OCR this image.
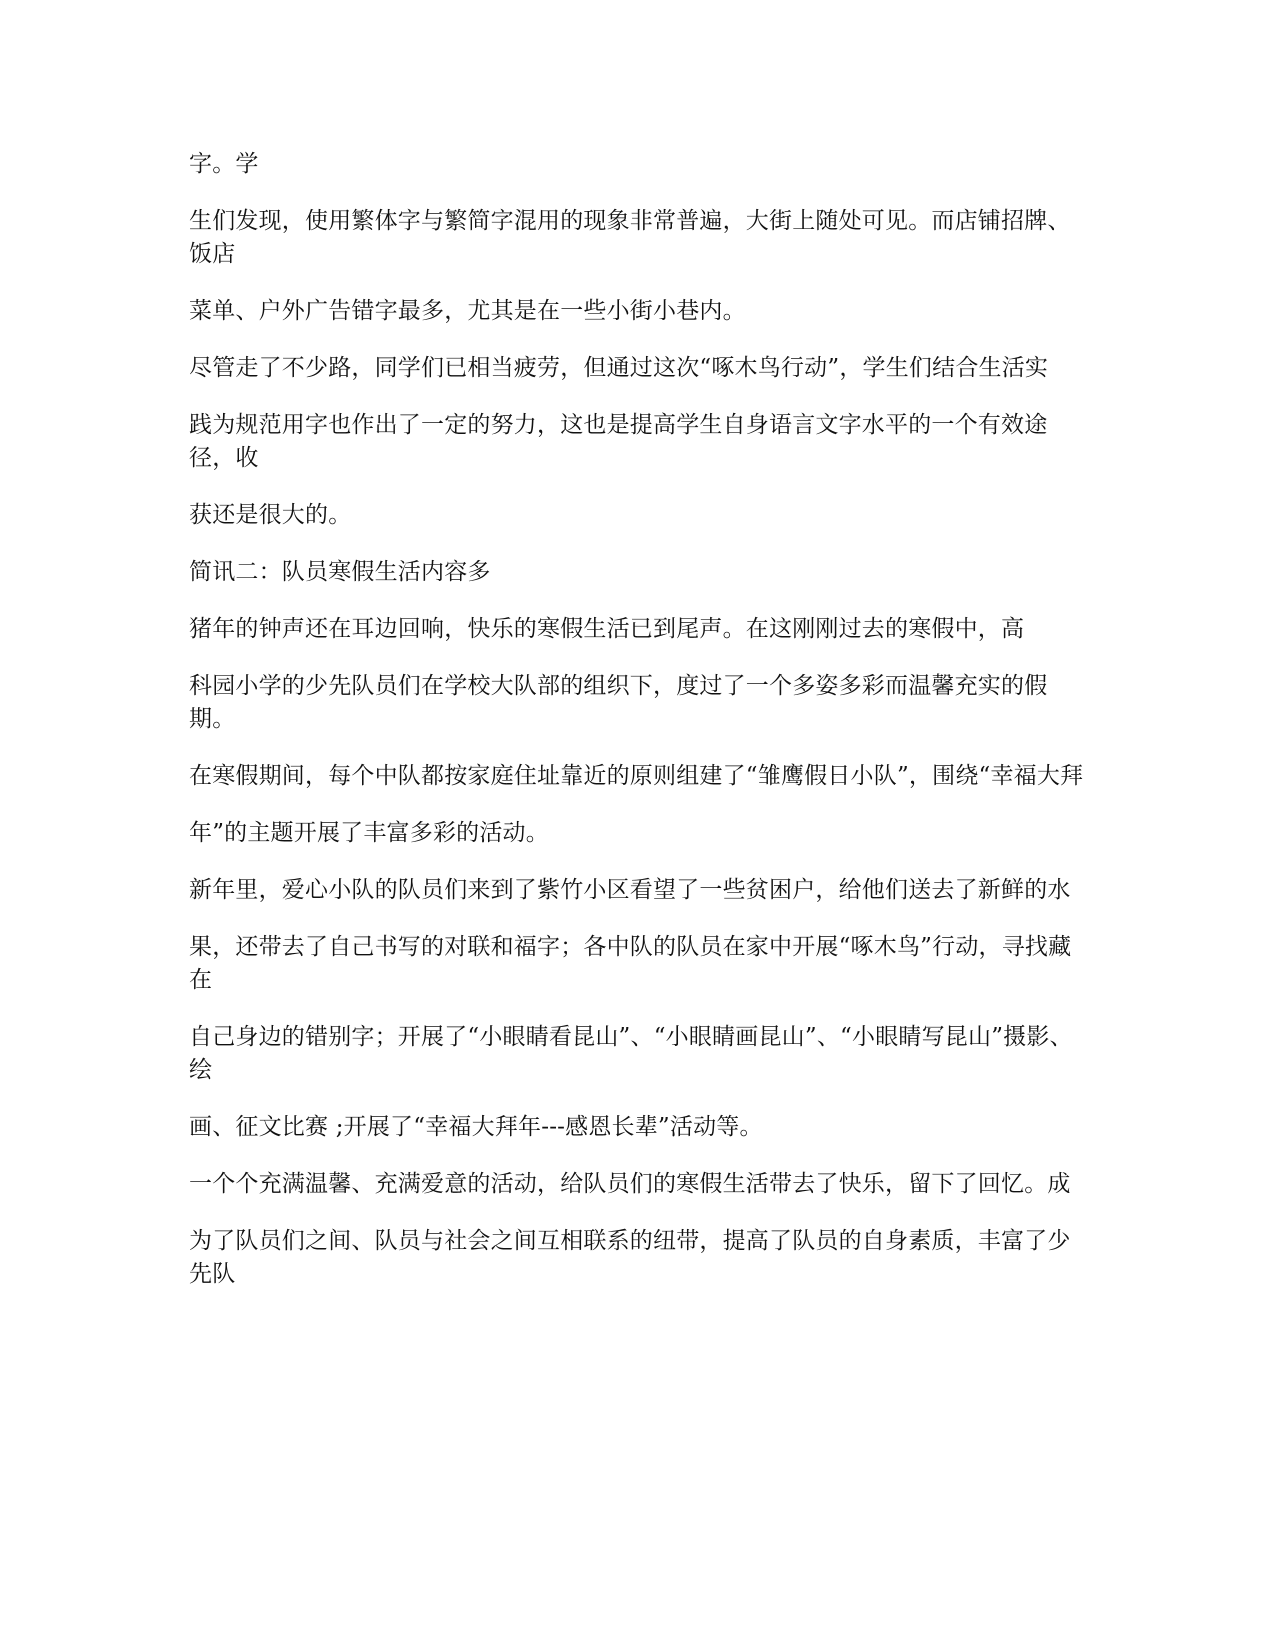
字。学

生们发现，使用繁体字与繁简字混用的现象非常普遍，大街上随处可见。而店铺招牌、饭店

菜单、户外广告错字最多，尤其是在一些小街小巷内。

尽管走了不少路，同学们已相当疲劳，但通过这次“啄木鸟行动”，学生们结合生活实

践为规范用字也作出了一定的努力，这也是提高学生自身语言文字水平的一个有效途径，收

获还是很大的。

简讯二：队员寒假生活内容多

猪年的钟声还在耳边回响，快乐的寒假生活已到尾声。在这刚刚过去的寒假中，高

科园小学的少先队员们在学校大队部的组织下，度过了一个多姿多彩而温馨充实的假期。

在寒假期间，每个中队都按家庭住址靠近的原则组建了“雏鹰假日小队”，围绕“幸福大拜

年”的主题开展了丰富多彩的活动。

新年里，爱心小队的队员们来到了紫竹小区看望了一些贫困户，给他们送去了新鲜的水

果，还带去了自己书写的对联和福字；各中队的队员在家中开展“啄木鸟”行动，寻找藏在

自己身边的错别字；开展了“小眼睛看昆山”、“小眼睛画昆山”、“小眼睛写昆山”摄影、绘

画、征文比赛 ;开展了“幸福大拜年---感恩长辈”活动等。

一个个充满温馨、充满爱意的活动，给队员们的寒假生活带去了快乐，留下了回忆。成

为了队员们之间、队员与社会之间互相联系的纽带，提高了队员的自身素质，丰富了少先队
